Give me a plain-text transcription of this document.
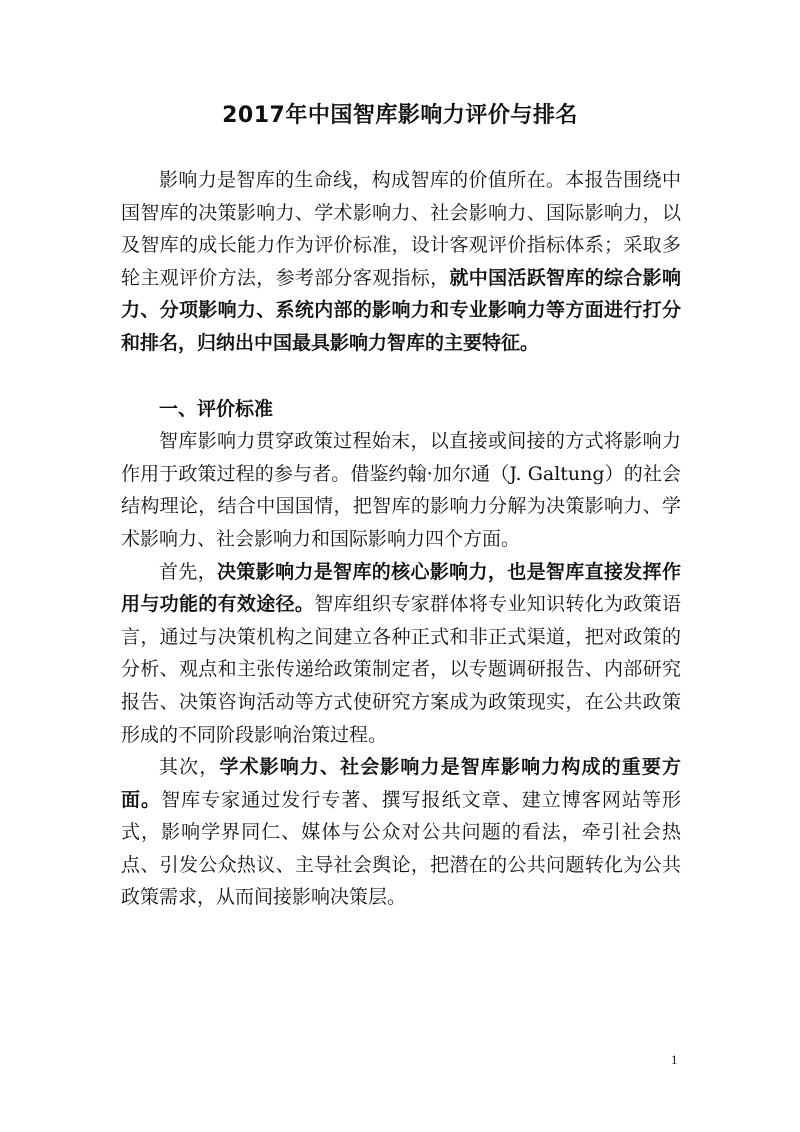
2017年中国智库影响力评价与排名

影响力是智库的生命线，构成智库的价值所在。本报告围绕中国智库的决策影响力、学术影响力、社会影响力、国际影响力，以及智库的成长能力作为评价标准，设计客观评价指标体系；采取多轮主观评价方法，参考部分客观指标，就中国活跃智库的综合影响力、分项影响力、系统内部的影响力和专业影响力等方面进行打分和排名，归纳出中国最具影响力智库的主要特征。

一、评价标准

智库影响力贯穿政策过程始末，以直接或间接的方式将影响力作用于政策过程的参与者。借鉴约翰·加尔通（J. Galtung）的社会结构理论，结合中国国情，把智库的影响力分解为决策影响力、学术影响力、社会影响力和国际影响力四个方面。

首先，决策影响力是智库的核心影响力，也是智库直接发挥作用与功能的有效途径。智库组织专家群体将专业知识转化为政策语言，通过与决策机构之间建立各种正式和非正式渠道，把对政策的分析、观点和主张传递给政策制定者，以专题调研报告、内部研究报告、决策咨询活动等方式使研究方案成为政策现实，在公共政策形成的不同阶段影响治策过程。

其次，学术影响力、社会影响力是智库影响力构成的重要方面。智库专家通过发行专著、撰写报纸文章、建立博客网站等形式，影响学界同仁、媒体与公众对公共问题的看法，牵引社会热点、引发公众热议、主导社会舆论，把潜在的公共问题转化为公共政策需求，从而间接影响决策层。

1
